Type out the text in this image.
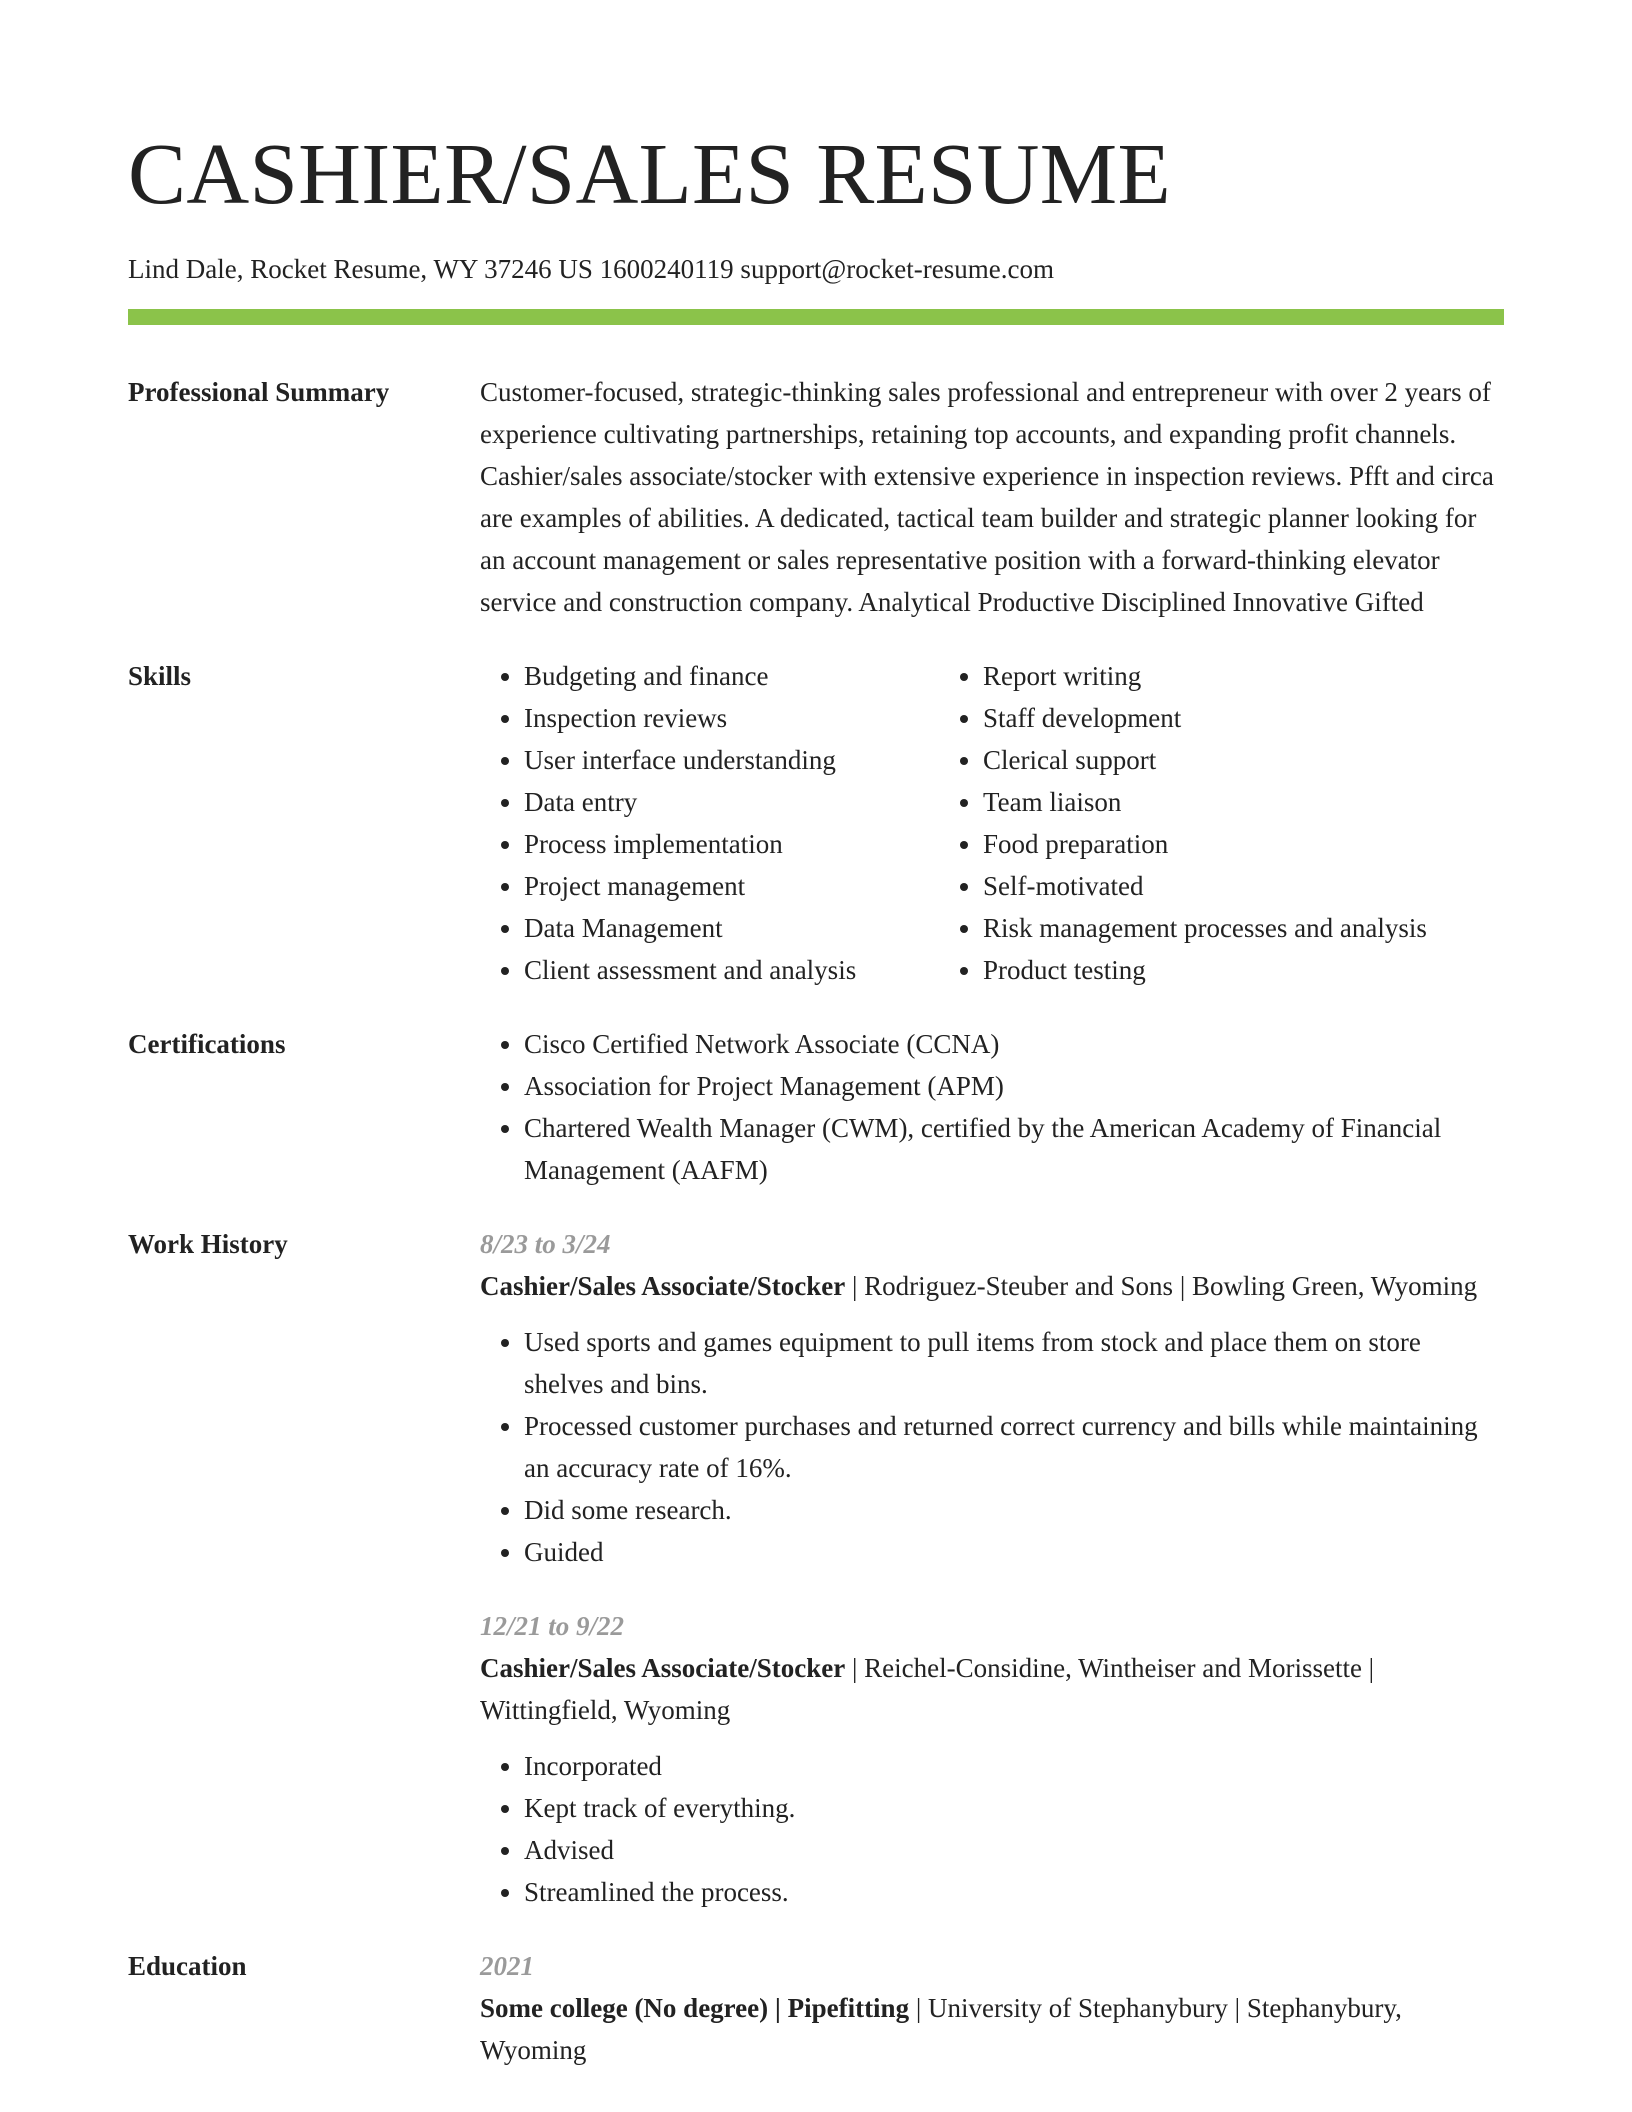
CASHIER/SALES RESUME

Lind Dale, Rocket Resume, WY 37246 US 1600240119 support@rocket-resume.com

Professional Summary	Customer-focused, strategic-thinking sales professional and entrepreneur with over 2 years of experience cultivating partnerships, retaining top accounts, and expanding profit channels. Cashier/sales associate/stocker with extensive experience in inspection reviews. Pfft and circa are examples of abilities. A dedicated, tactical team builder and strategic planner looking for an account management or sales representative position with a forward-thinking elevator service and construction company. Analytical Productive Disciplined Innovative Gifted

Skills	• Budgeting and finance
• Inspection reviews
• User interface understanding
• Data entry
• Process implementation
• Project management
• Data Management
• Client assessment and analysis
• Report writing
• Staff development
• Clerical support
• Team liaison
• Food preparation
• Self-motivated
• Risk management processes and analysis
• Product testing
Certifications	• Cisco Certified Network Associate (CCNA)
• Association for Project Management (APM)
• Chartered Wealth Manager (CWM), certified by the American Academy of Financial Management (AAFM)
Work History	8/23 to 3/24
Cashier/Sales Associate/Stocker | Rodriguez-Steuber and Sons | Bowling Green, Wyoming
• Used sports and games equipment to pull items from stock and place them on store shelves and bins.
• Processed customer purchases and returned correct currency and bills while maintaining an accuracy rate of 16%.
• Did some research.
• Guided
12/21 to 9/22
Cashier/Sales Associate/Stocker | Reichel-Considine, Wintheiser and Morissette | Wittingfield, Wyoming
• Incorporated
• Kept track of everything.
• Advised
• Streamlined the process.
Education	2021
Some college (No degree) | Pipefitting | University of Stephanybury | Stephanybury, Wyoming
